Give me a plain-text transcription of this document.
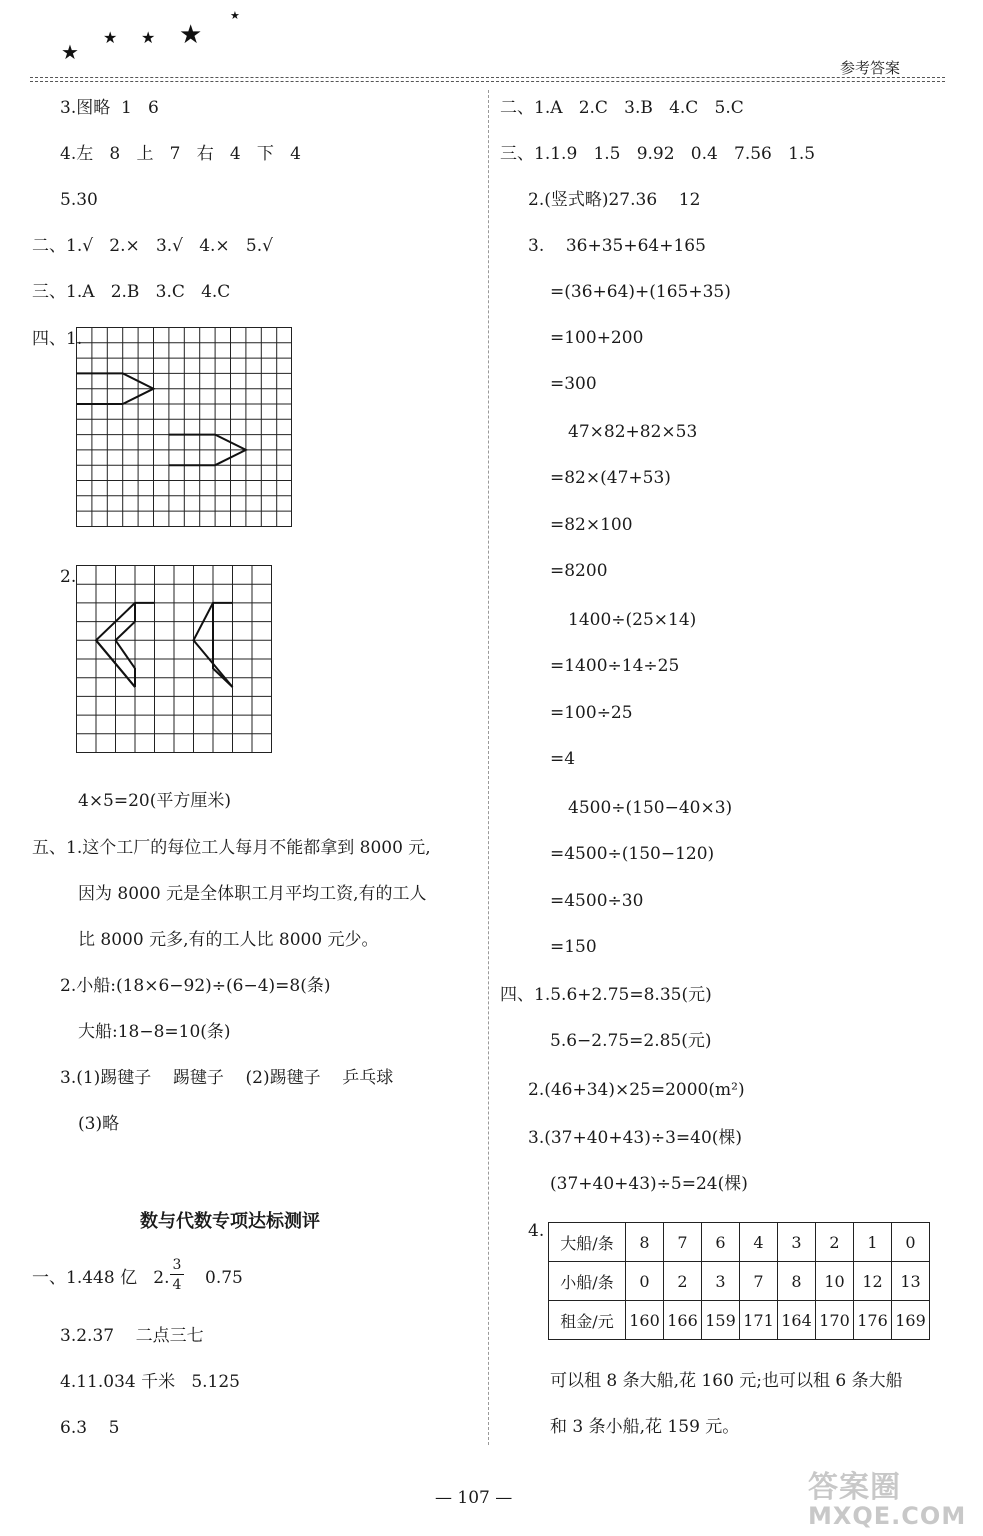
★
★ ★ ★
★
参考答案
3.图略  1   6
4.左   8   上   7   右   4   下   4
5.30
二、1.√   2.×   3.√   4.×   5.√
三、1.A   2.B   3.C   4.C
四、1.
2.
4×5=20(平方厘米)
五、1.这个工厂的每位工人每月不能都拿到 8000 元,
因为 8000 元是全体职工月平均工资,有的工人
比 8000 元多,有的工人比 8000 元少。
2.小船:(18×6−92)÷(6−4)=8(条)
大船:18−8=10(条)
3.(1)踢毽子    踢毽子    (2)踢毽子    乒乓球
(3)略
数与代数专项达标测评
一、1.448 亿   2.
3
4 0.75
3.2.37    二点三七
4.11.034 千米   5.125
6.3    5
二、1.A   2.C   3.B   4.C   5.C
三、1.1.9   1.5   9.92   0.4   7.56   1.5
2.(竖式略)27.36    12
3.    36+35+64+165
=(36+64)+(165+35)
=100+200
=300
47×82+82×53
=82×(47+53)
=82×100
=8200
1400÷(25×14)
=1400÷14÷25
=100÷25
=4
4500÷(150−40×3)
=4500÷(150−120)
=4500÷30
=150
四、1.5.6+2.75=8.35(元)
5.6−2.75=2.85(元)
2.(46+34)×25=2000(m²)
3.(37+40+43)÷3=40(棵)
(37+40+43)÷5=24(棵)
4.
大船/条	8	7	6	4	3	2	1	0
小船/条	0	2	3	7	8	10	12	13
租金/元	160	166	159	171	164	170	176	169
可以租 8 条大船,花 160 元;也可以租 6 条大船
和 3 条小船,花 159 元。
— 107 —	答案圈
MXQE.COM
